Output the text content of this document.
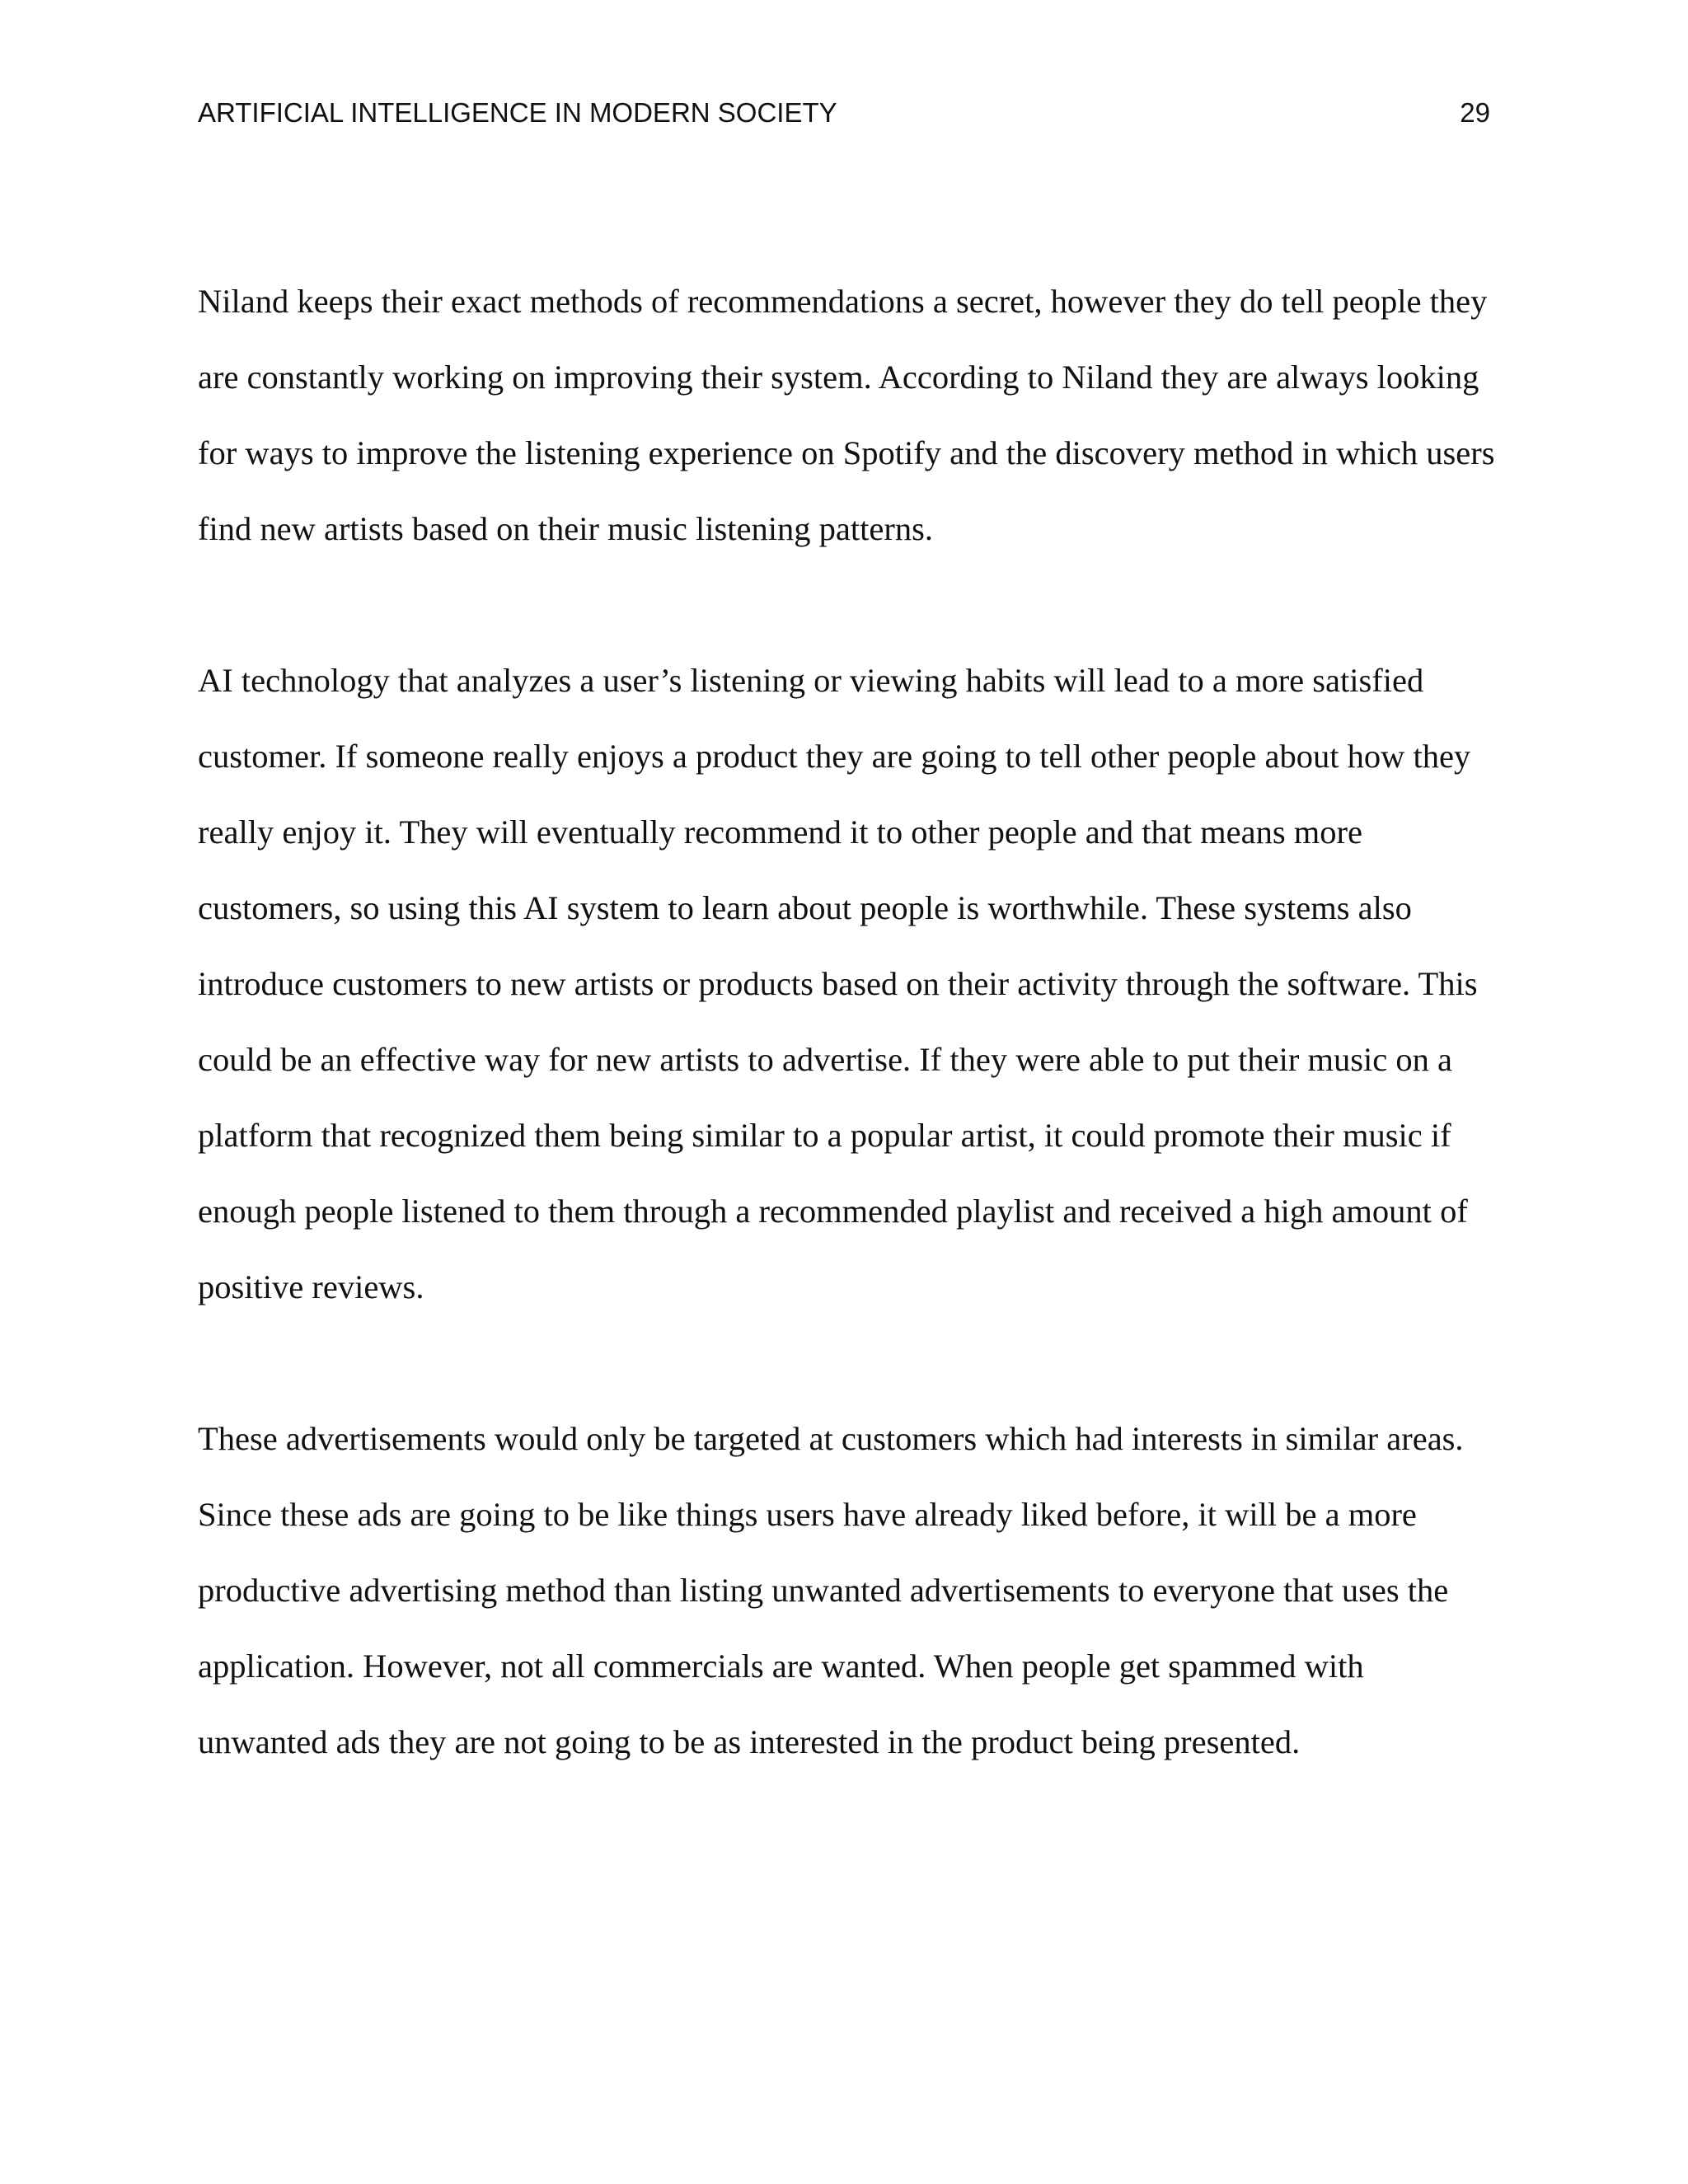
ARTIFICIAL INTELLIGENCE IN MODERN SOCIETY	29

Niland keeps their exact methods of recommendations a secret, however they do tell people they
are constantly working on improving their system. According to Niland they are always looking
for ways to improve the listening experience on Spotify and the discovery method in which users
find new artists based on their music listening patterns.

AI technology that analyzes a user’s listening or viewing habits will lead to a more satisfied
customer. If someone really enjoys a product they are going to tell other people about how they
really enjoy it. They will eventually recommend it to other people and that means more
customers, so using this AI system to learn about people is worthwhile. These systems also
introduce customers to new artists or products based on their activity through the software. This
could be an effective way for new artists to advertise. If they were able to put their music on a
platform that recognized them being similar to a popular artist, it could promote their music if
enough people listened to them through a recommended playlist and received a high amount of
positive reviews.

These advertisements would only be targeted at customers which had interests in similar areas.
Since these ads are going to be like things users have already liked before, it will be a more
productive advertising method than listing unwanted advertisements to everyone that uses the
application. However, not all commercials are wanted. When people get spammed with
unwanted ads they are not going to be as interested in the product being presented.
